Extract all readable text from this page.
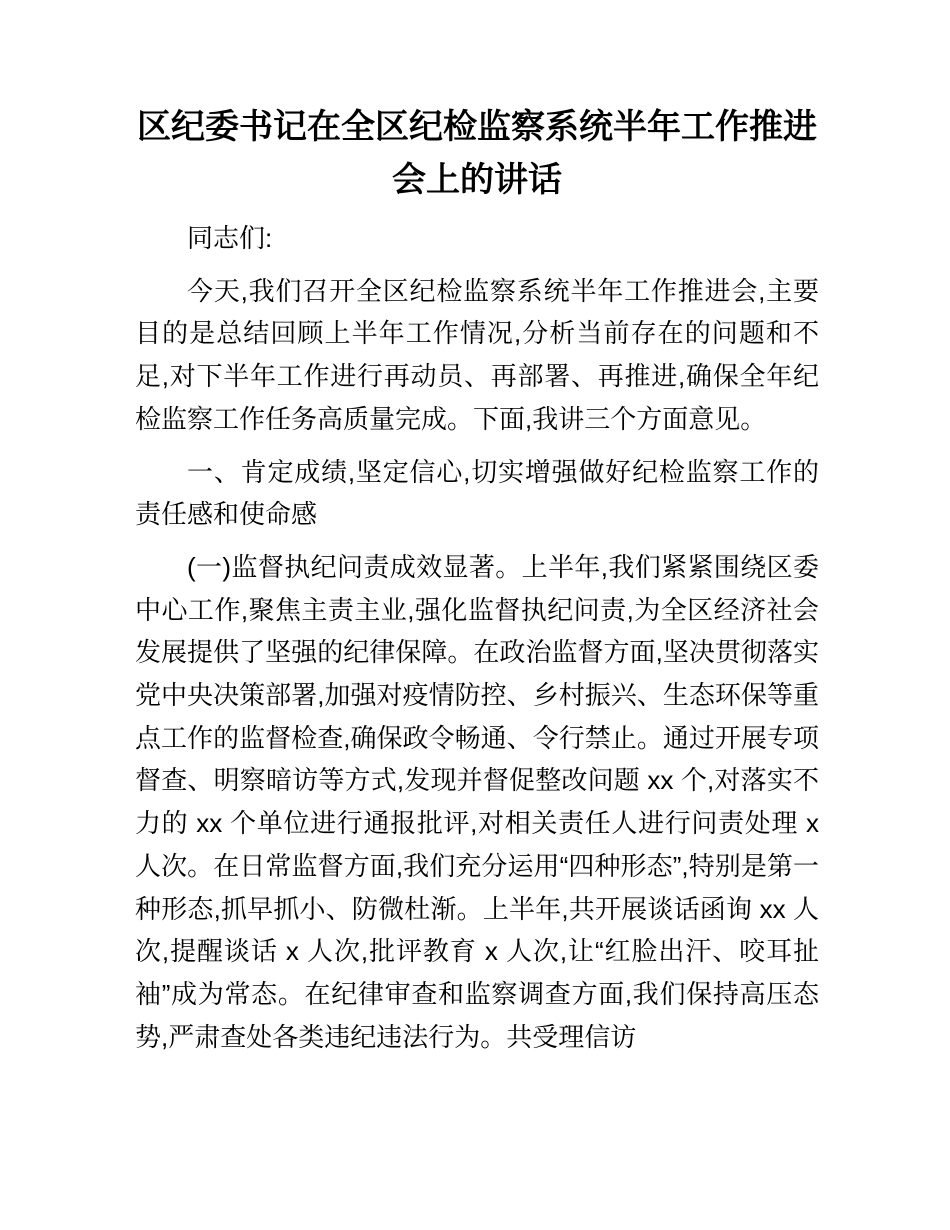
区纪委书记在全区纪检监察系统半年工作推进会上的讲话

同志们:

今天,我们召开全区纪检监察系统半年工作推进会,主要目的是总结回顾上半年工作情况,分析当前存在的问题和不足,对下半年工作进行再动员、再部署、再推进,确保全年纪检监察工作任务高质量完成。下面,我讲三个方面意见。

一、肯定成绩,坚定信心,切实增强做好纪检监察工作的责任感和使命感

(一)监督执纪问责成效显著。上半年,我们紧紧围绕区委中心工作,聚焦主责主业,强化监督执纪问责,为全区经济社会发展提供了坚强的纪律保障。在政治监督方面,坚决贯彻落实党中央决策部署,加强对疫情防控、乡村振兴、生态环保等重点工作的监督检查,确保政令畅通、令行禁止。通过开展专项督查、明察暗访等方式,发现并督促整改问题 xx 个,对落实不力的 xx 个单位进行通报批评,对相关责任人进行问责处理 x 人次。在日常监督方面,我们充分运用“四种形态”,特别是第一种形态,抓早抓小、防微杜渐。上半年,共开展谈话函询 xx 人次,提醒谈话 x 人次,批评教育 x 人次,让“红脸出汗、咬耳扯袖”成为常态。在纪律审查和监察调查方面,我们保持高压态势,严肃查处各类违纪违法行为。共受理信访
